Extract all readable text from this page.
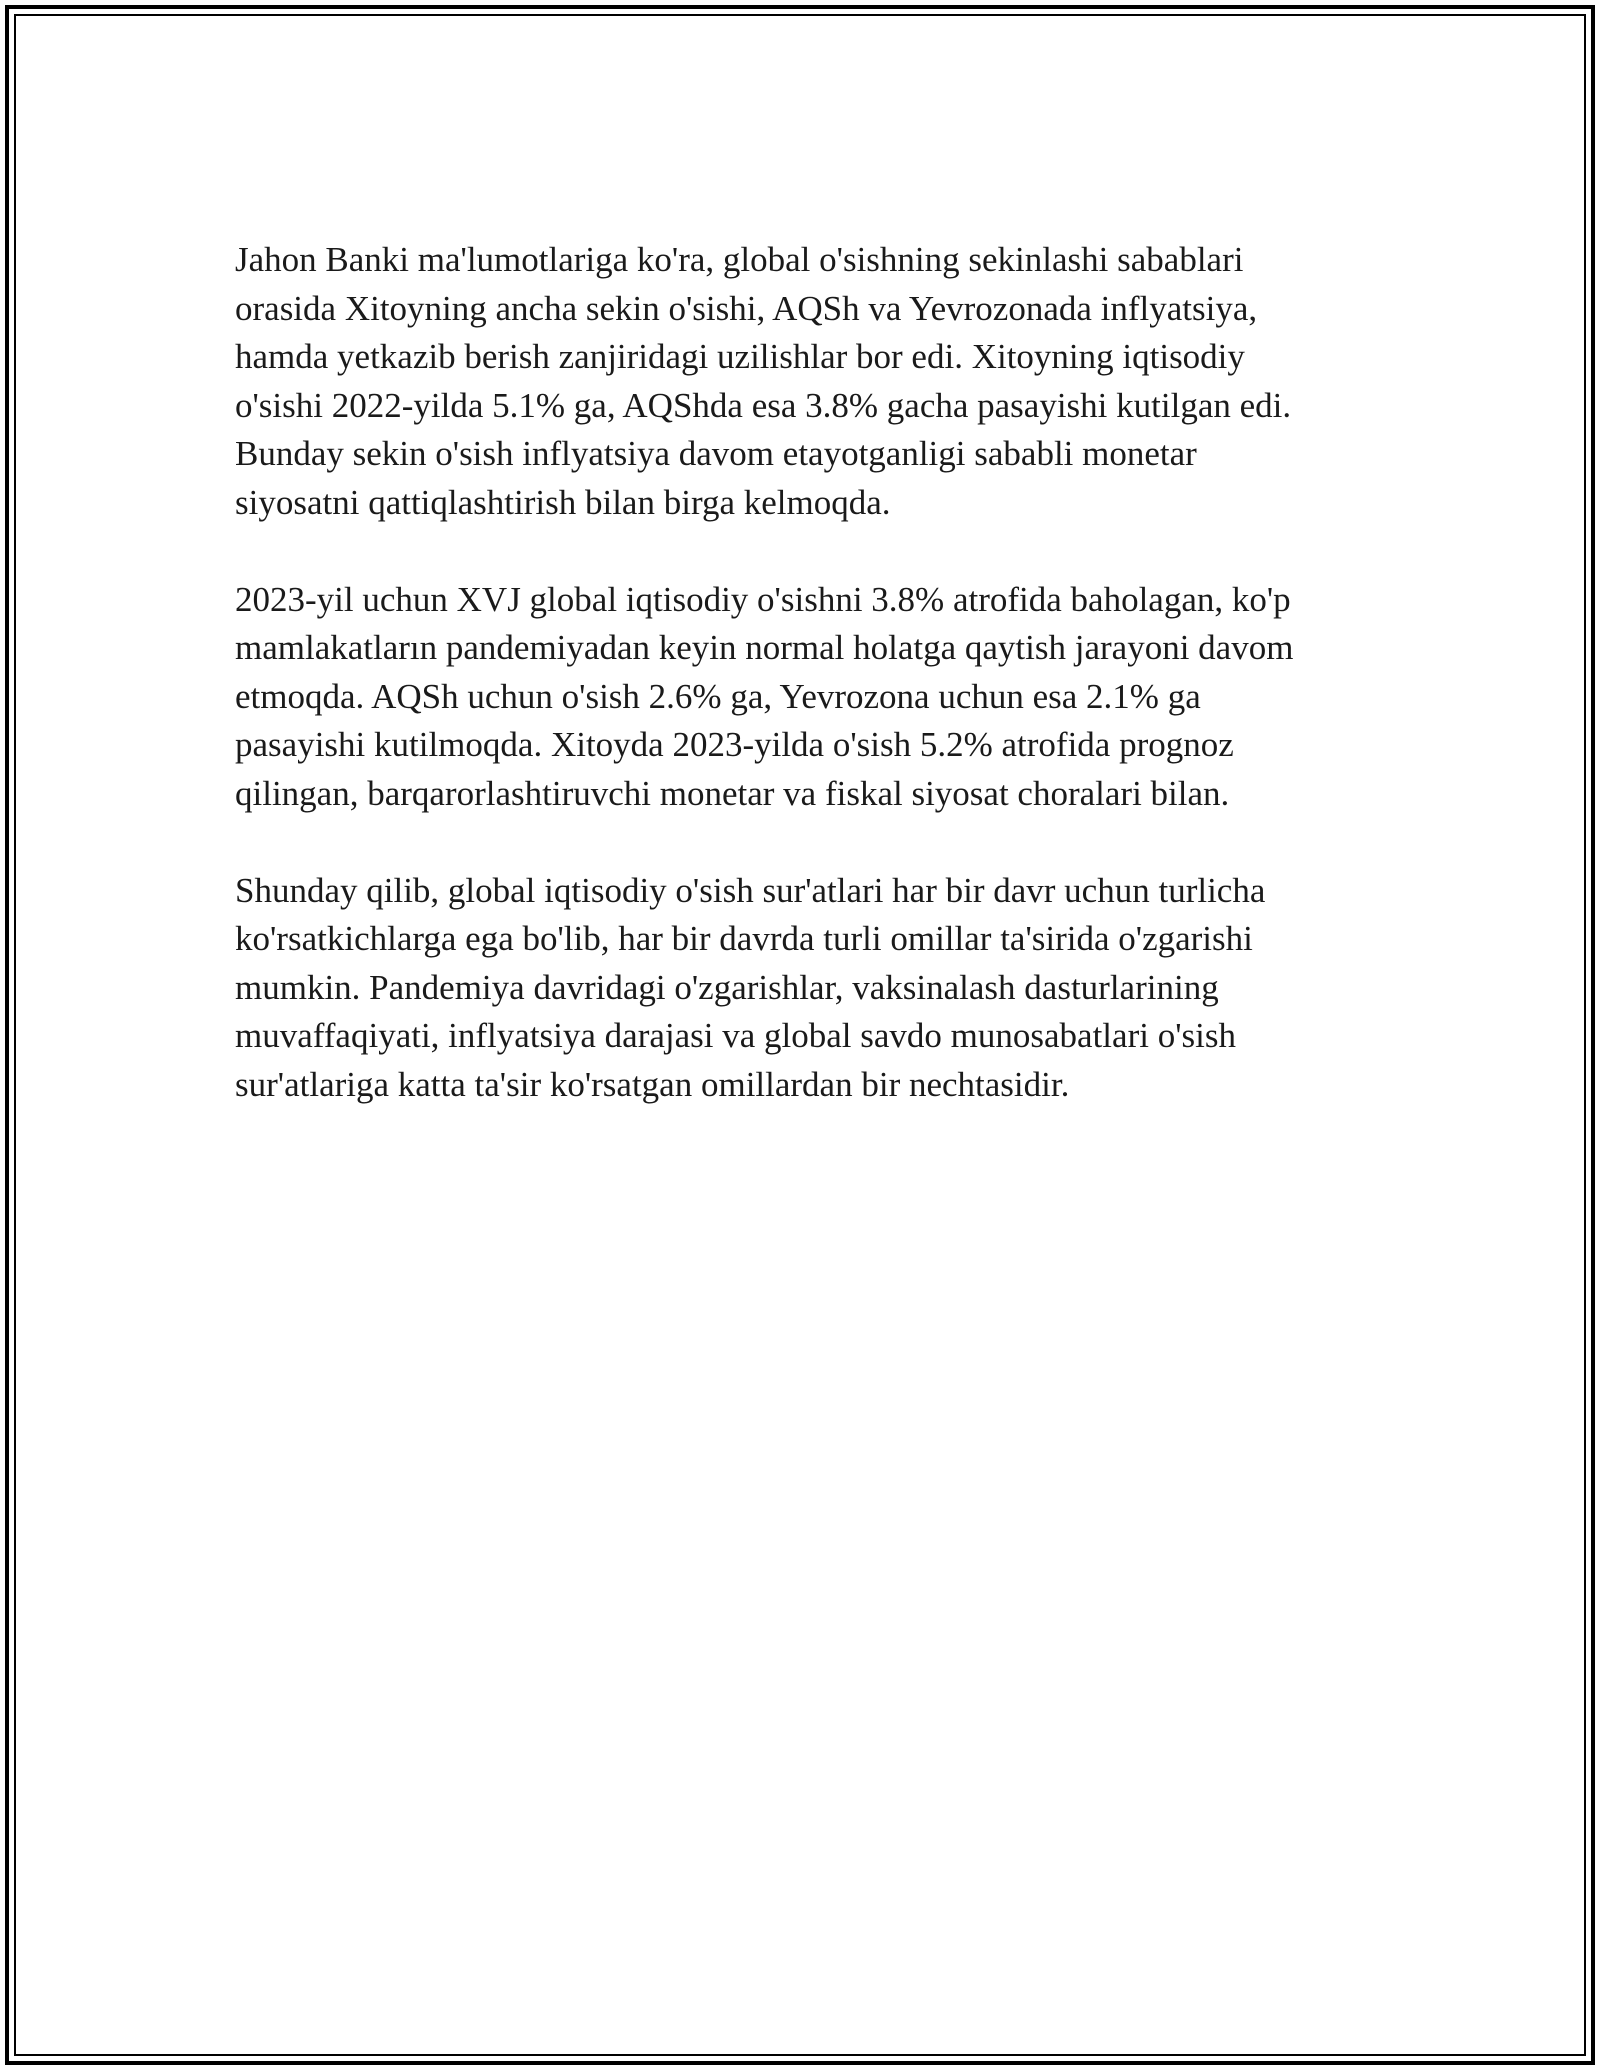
Jahon Banki ma'lumotlariga ko'ra, global o'sishning sekinlashi sabablari
orasida Xitoyning ancha sekin o'sishi, AQSh va Yevrozonada inflyatsiya,
hamda yetkazib berish zanjiridagi uzilishlar bor edi. Xitoyning iqtisodiy
o'sishi 2022-yilda 5.1% ga, AQShda esa 3.8% gacha pasayishi kutilgan edi.
Bunday sekin o'sish inflyatsiya davom etayotganligi sababli monetar
siyosatni qattiqlashtirish bilan birga kelmoqda.

2023-yil uchun XVJ global iqtisodiy o'sishni 3.8% atrofida baholagan, ko'p
mamlakatların pandemiyadan keyin normal holatga qaytish jarayoni davom
etmoqda. AQSh uchun o'sish 2.6% ga, Yevrozona uchun esa 2.1% ga
pasayishi kutilmoqda. Xitoyda 2023-yilda o'sish 5.2% atrofida prognoz
qilingan, barqarorlashtiruvchi monetar va fiskal siyosat choralari bilan.

Shunday qilib, global iqtisodiy o'sish sur'atlari har bir davr uchun turlicha
ko'rsatkichlarga ega bo'lib, har bir davrda turli omillar ta'sirida o'zgarishi
mumkin. Pandemiya davridagi o'zgarishlar, vaksinalash dasturlarining
muvaffaqiyati, inflyatsiya darajasi va global savdo munosabatlari o'sish
sur'atlariga katta ta'sir ko'rsatgan omillardan bir nechtasidir.
